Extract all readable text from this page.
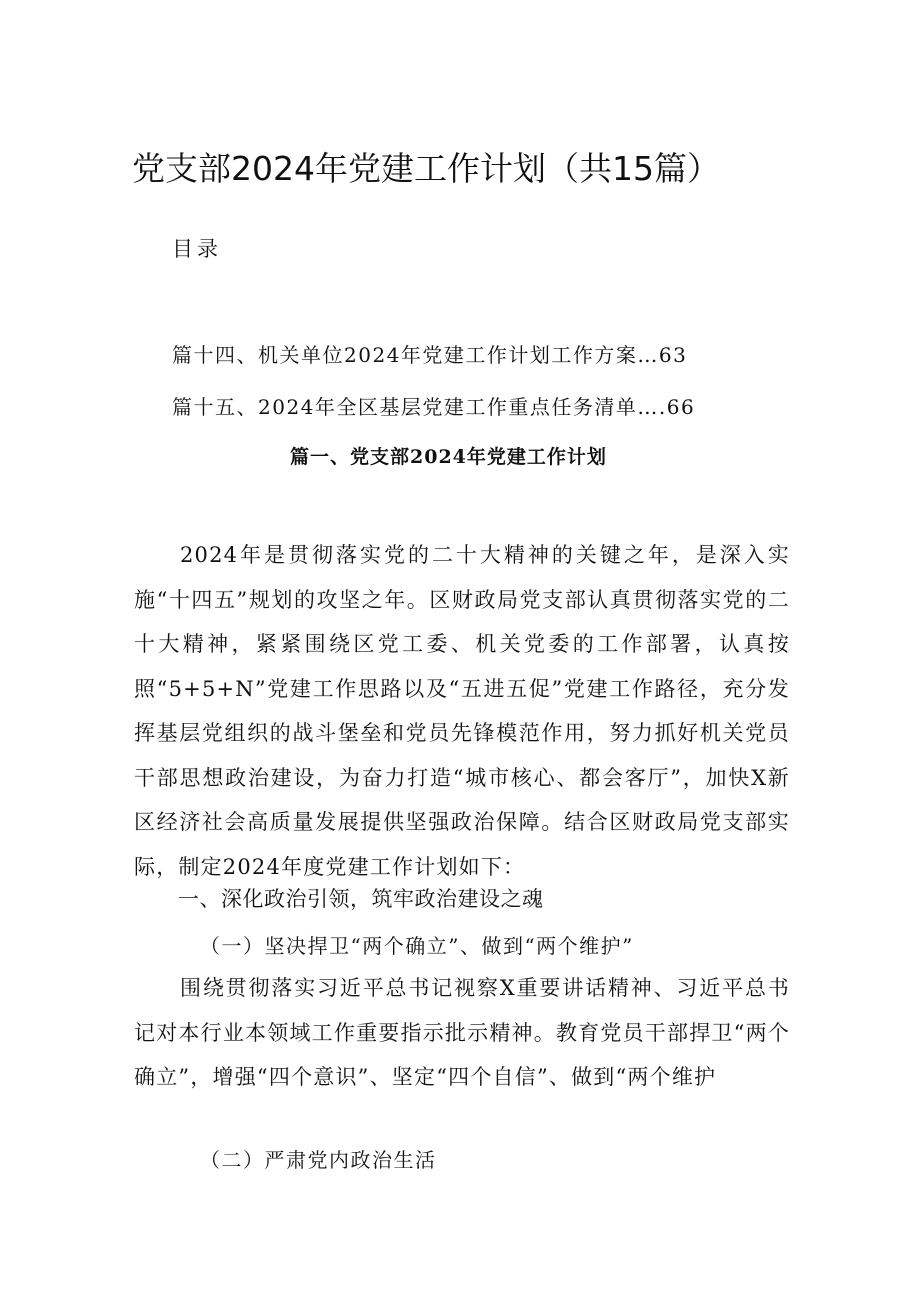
党支部2024年党建工作计划（共15篇）
目录
篇十四、机关单位2024年党建工作计划工作方案…63
篇十五、2024年全区基层党建工作重点任务清单….66
篇一、党支部2024年党建工作计划

2024年是贯彻落实党的二十大精神的关键之年，是深入实施“十四五”规划的攻坚之年。区财政局党支部认真贯彻落实党的二十大精神，紧紧围绕区党工委、机关党委的工作部署，认真按照“5+5+N”党建工作思路以及“五进五促”党建工作路径，充分发挥基层党组织的战斗堡垒和党员先锋模范作用，努力抓好机关党员干部思想政治建设，为奋力打造“城市核心、都会客厅”，加快X新区经济社会高质量发展提供坚强政治保障。结合区财政局党支部实际，制定2024年度党建工作计划如下：

一、深化政治引领，筑牢政治建设之魂
（一）坚决捍卫“两个确立”、做到“两个维护”

围绕贯彻落实习近平总书记视察X重要讲话精神、习近平总书记对本行业本领域工作重要指示批示精神。教育党员干部捍卫“两个确立”，增强“四个意识”、坚定“四个自信”、做到“两个维护

（二）严肃党内政治生活
